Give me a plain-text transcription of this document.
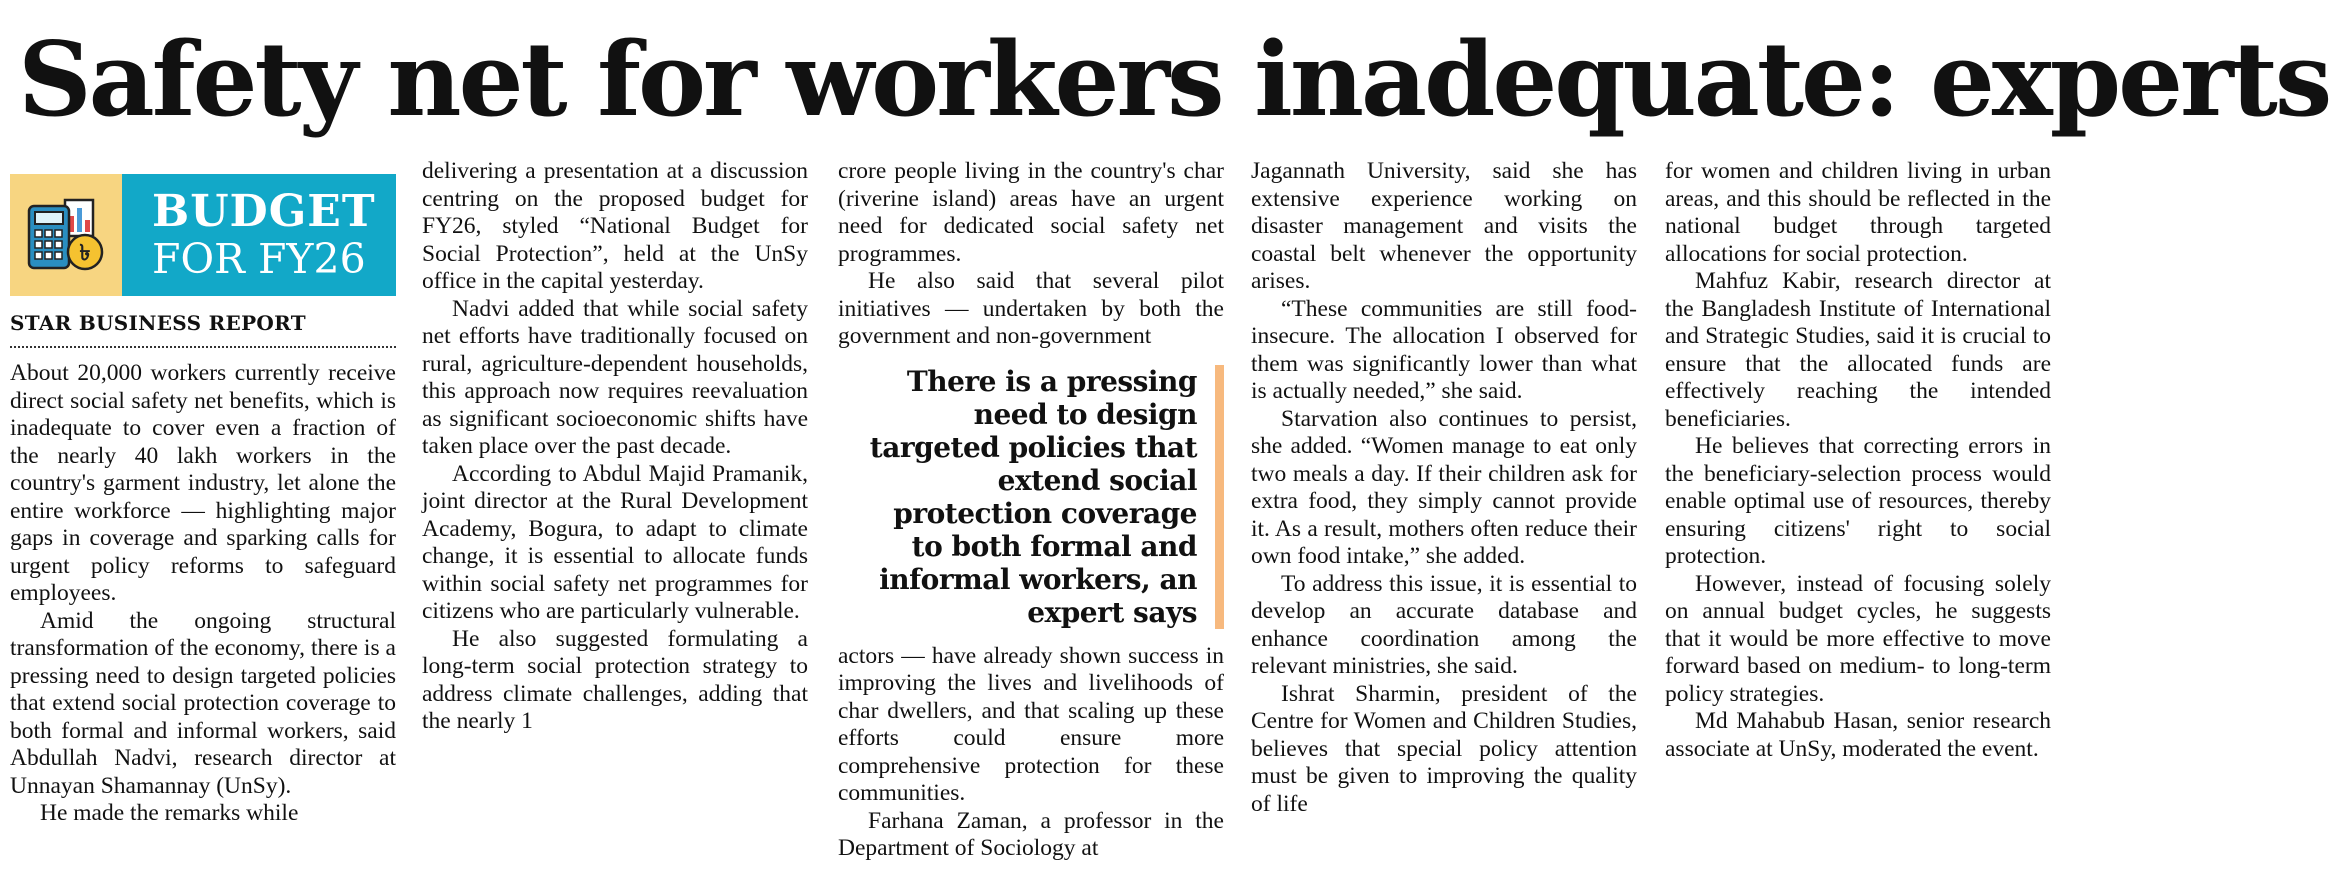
Safety net for workers inadequate: experts
৳
BUDGET
FOR FY26
STAR BUSINESS REPORT

About 20,000 workers currently receive direct social safety net benefits, which is inadequate to cover even a fraction of the nearly 40 lakh workers in the country's garment industry, let alone the entire workforce — highlighting major gaps in coverage and sparking calls for urgent policy reforms to safeguard employees.

Amid the ongoing structural transformation of the economy, there is a pressing need to design targeted policies that extend social protection coverage to both formal and informal workers, said Abdullah Nadvi, research director at Unnayan Shamannay (UnSy).

He made the remarks while

delivering a presentation at a discussion centring on the proposed budget for FY26, styled “National Budget for Social Protection”, held at the UnSy office in the capital yesterday.

Nadvi added that while social safety net efforts have traditionally focused on rural, agriculture-dependent households, this approach now requires reevaluation as significant socioeconomic shifts have taken place over the past decade.

According to Abdul Majid Pramanik, joint director at the Rural Development Academy, Bogura, to adapt to climate change, it is essential to allocate funds within social safety net programmes for citizens who are particularly vulnerable.

He also suggested formulating a long-term social protection strategy to address climate challenges, adding that the nearly 1

crore people living in the country's char (riverine island) areas have an urgent need for dedicated social safety net programmes.

He also said that several pilot initiatives — undertaken by both the government and non-government

There is a pressing need to design targeted policies that extend social protection coverage to both formal and informal workers, an expert says

actors — have already shown success in improving the lives and livelihoods of char dwellers, and that scaling up these efforts could ensure more comprehensive protection for these communities.

Farhana Zaman, a professor in the Department of Sociology at

Jagannath University, said she has extensive experience working on disaster management and visits the coastal belt whenever the opportunity arises.

“These communities are still food-insecure. The allocation I observed for them was significantly lower than what is actually needed,” she said.

Starvation also continues to persist, she added. “Women manage to eat only two meals a day. If their children ask for extra food, they simply cannot provide it. As a result, mothers often reduce their own food intake,” she added.

To address this issue, it is essential to develop an accurate database and enhance coordination among the relevant ministries, she said.

Ishrat Sharmin, president of the Centre for Women and Children Studies, believes that special policy attention must be given to improving the quality of life

for women and children living in urban areas, and this should be reflected in the national budget through targeted allocations for social protection.

Mahfuz Kabir, research director at the Bangladesh Institute of International and Strategic Studies, said it is crucial to ensure that the allocated funds are effectively reaching the intended beneficiaries.

He believes that correcting errors in the beneficiary-selection process would enable optimal use of resources, thereby ensuring citizens' right to social protection.

However, instead of focusing solely on annual budget cycles, he suggests that it would be more effective to move forward based on medium- to long-term policy strategies.

Md Mahabub Hasan, senior research associate at UnSy, moderated the event.
